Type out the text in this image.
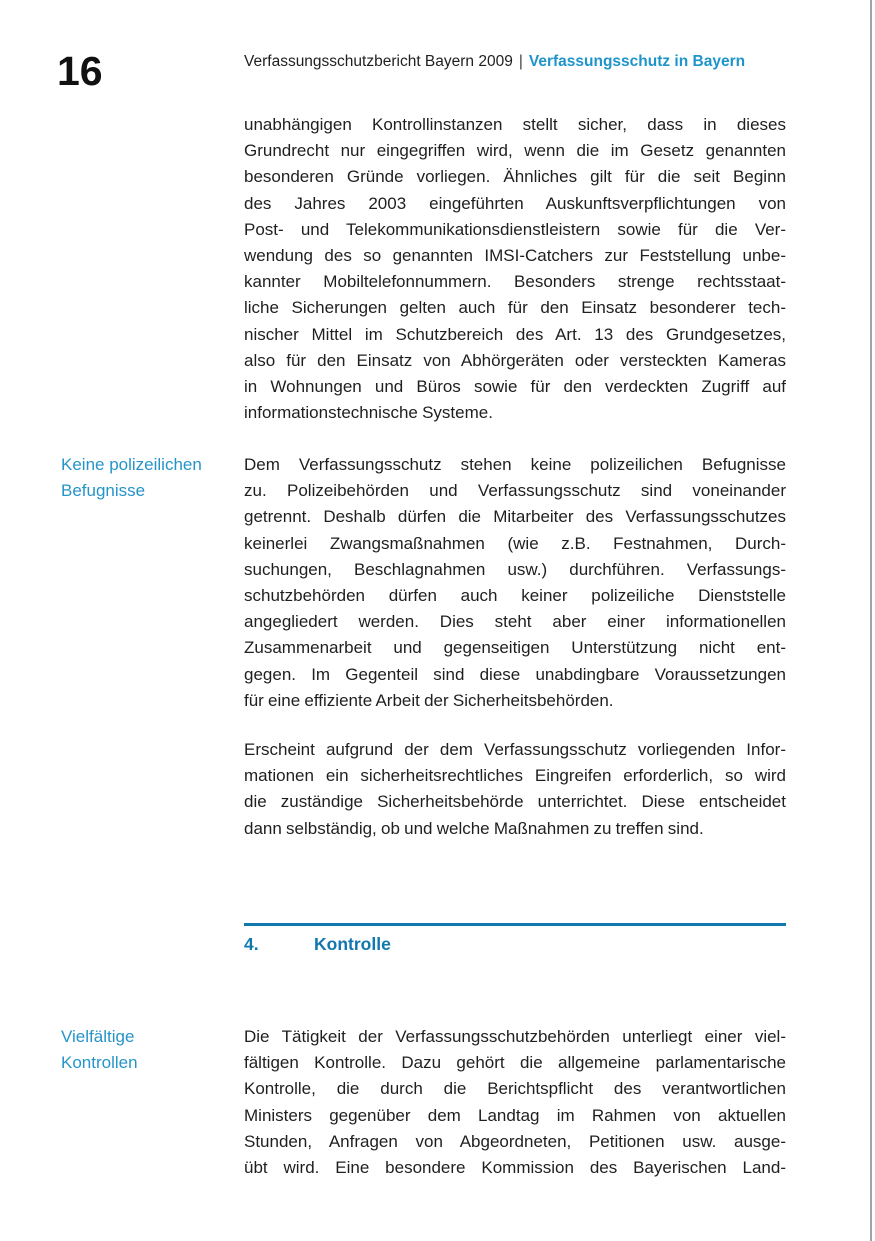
16	Verfassungsschutzbericht Bayern 2009 | Verfassungsschutz in Bayern
unabhängigen Kontrollinstanzen stellt sicher, dass in dieses
Grundrecht nur eingegriffen wird, wenn die im Gesetz genannten
besonderen Gründe vorliegen. Ähnliches gilt für die seit Beginn
des Jahres 2003 eingeführten Auskunftsverpflichtungen von
Post- und Telekommunikationsdienstleistern sowie für die Ver-
wendung des so genannten IMSI-Catchers zur Feststellung unbe-
kannter Mobiltelefonnummern. Besonders strenge rechtsstaat-
liche Sicherungen gelten auch für den Einsatz besonderer tech-
nischer Mittel im Schutzbereich des Art. 13 des Grundgesetzes,
also für den Einsatz von Abhörgeräten oder versteckten Kameras
in Wohnungen und Büros sowie für den verdeckten Zugriff auf
informationstechnische Systeme.
Keine polizeilichen
Befugnisse
Dem Verfassungsschutz stehen keine polizeilichen Befugnisse
zu. Polizeibehörden und Verfassungsschutz sind voneinander
getrennt. Deshalb dürfen die Mitarbeiter des Verfassungsschutzes
keinerlei Zwangsmaßnahmen (wie z.B. Festnahmen, Durch-
suchungen, Beschlagnahmen usw.) durchführen. Verfassungs-
schutzbehörden dürfen auch keiner polizeiliche Dienststelle
angegliedert werden. Dies steht aber einer informationellen
Zusammenarbeit und gegenseitigen Unterstützung nicht ent-
gegen. Im Gegenteil sind diese unabdingbare Voraussetzungen
für eine effiziente Arbeit der Sicherheitsbehörden.
Erscheint aufgrund der dem Verfassungsschutz vorliegenden Infor-
mationen ein sicherheitsrechtliches Eingreifen erforderlich, so wird
die zuständige Sicherheitsbehörde unterrichtet. Diese entscheidet
dann selbständig, ob und welche Maßnahmen zu treffen sind.
4.	Kontrolle
Vielfältige
Kontrollen
Die Tätigkeit der Verfassungsschutzbehörden unterliegt einer viel-
fältigen Kontrolle. Dazu gehört die allgemeine parlamentarische
Kontrolle, die durch die Berichtspflicht des verantwortlichen
Ministers gegenüber dem Landtag im Rahmen von aktuellen
Stunden, Anfragen von Abgeordneten, Petitionen usw. ausge-
übt wird. Eine besondere Kommission des Bayerischen Land-
